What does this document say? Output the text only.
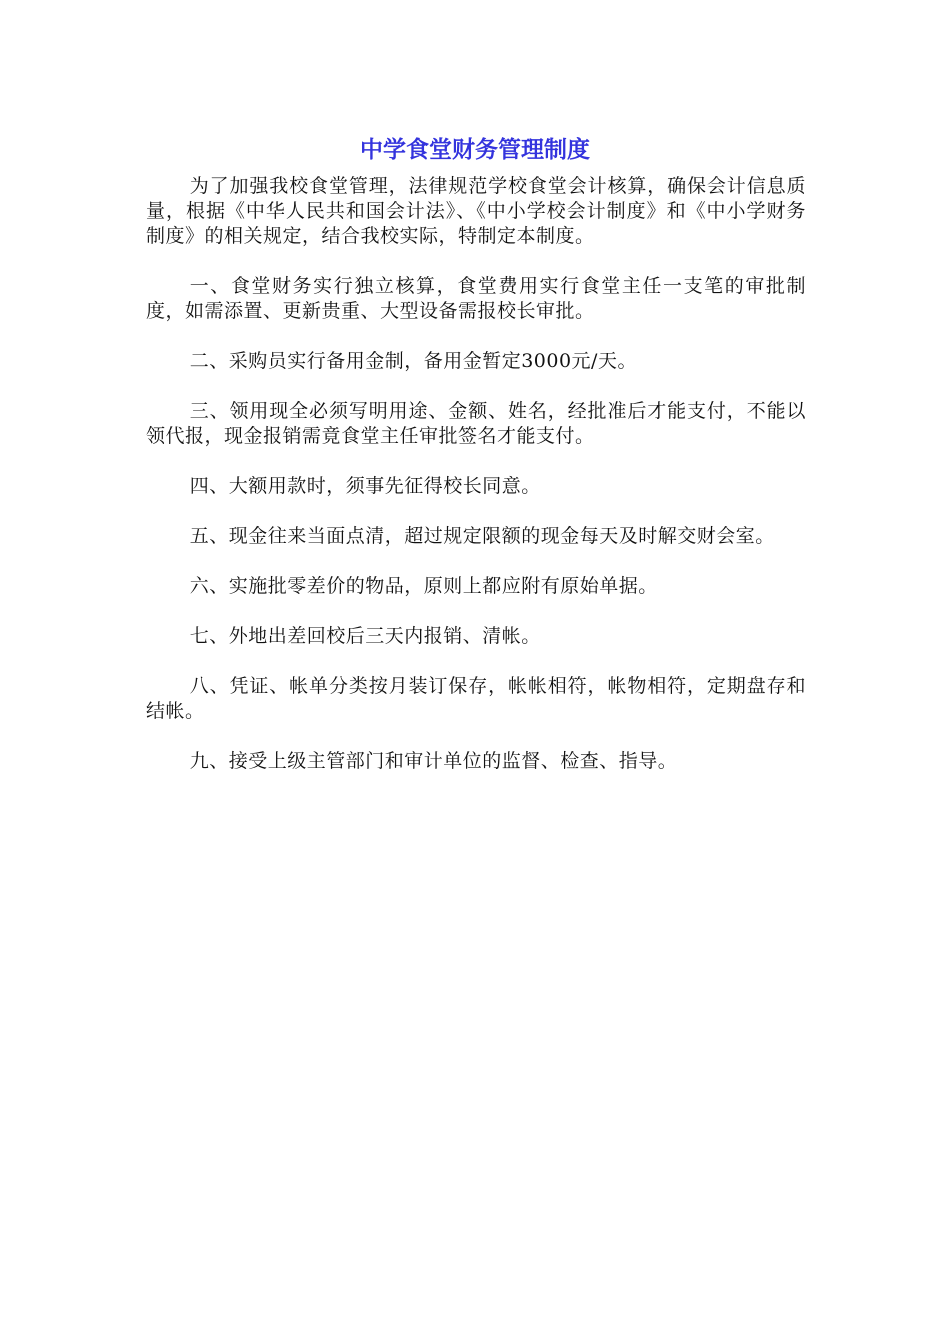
中学食堂财务管理制度

为了加强我校食堂管理，法律规范学校食堂会计核算，确保会计信息质量，根据《中华人民共和国会计法》、《中小学校会计制度》和《中小学财务制度》的相关规定，结合我校实际，特制定本制度。

一、食堂财务实行独立核算，食堂费用实行食堂主任一支笔的审批制度，如需添置、更新贵重、大型设备需报校长审批。

二、采购员实行备用金制，备用金暂定3000元/天。

三、领用现全必须写明用途、金额、姓名，经批准后才能支付，不能以领代报，现金报销需竟食堂主任审批签名才能支付。

四、大额用款时，须事先征得校长同意。

五、现金往来当面点清，超过规定限额的现金每天及时解交财会室。

六、实施批零差价的物品，原则上都应附有原始单据。

七、外地出差回校后三天内报销、清帐。

八、凭证、帐单分类按月装订保存，帐帐相符，帐物相符，定期盘存和结帐。

九、接受上级主管部门和审计单位的监督、检查、指导。
